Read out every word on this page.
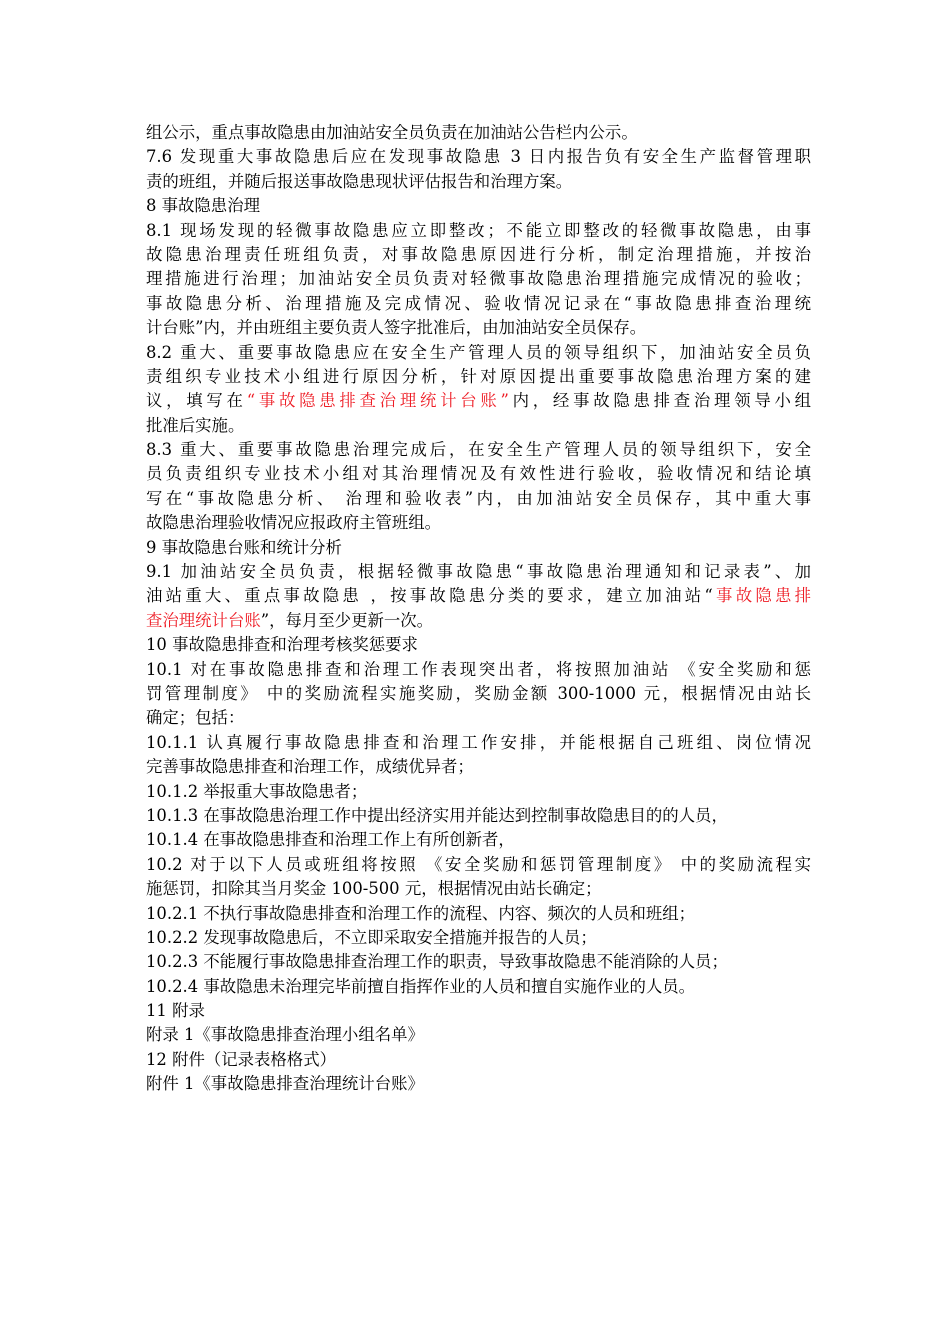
组公示，重点事故隐患由加油站安全员负责在加油站公告栏内公示。
7.6 发现重大事故隐患后应在发现事故隐患 3 日内报告负有安全生产监督管理职
责的班组，并随后报送事故隐患现状评估报告和治理方案。
8 事故隐患治理
8.1 现场发现的轻微事故隐患应立即整改；不能立即整改的轻微事故隐患，由事
故隐患治理责任班组负责，对事故隐患原因进行分析，制定治理措施，并按治
理措施进行治理；加油站安全员负责对轻微事故隐患治理措施完成情况的验收；
事故隐患分析、治理措施及完成情况、验收情况记录在“事故隐患排查治理统
计台账”内，并由班组主要负责人签字批准后，由加油站安全员保存。
8.2 重大、重要事故隐患应在安全生产管理人员的领导组织下，加油站安全员负
责组织专业技术小组进行原因分析，针对原因提出重要事故隐患治理方案的建
议，填写在“事故隐患排查治理统计台账”内，经事故隐患排查治理领导小组
批准后实施。
8.3 重大、重要事故隐患治理完成后，在安全生产管理人员的领导组织下，安全
员负责组织专业技术小组对其治理情况及有效性进行验收，验收情况和结论填
写在“事故隐患分析、 治理和验收表”内，由加油站安全员保存，其中重大事
故隐患治理验收情况应报政府主管班组。
9 事故隐患台账和统计分析
9.1 加油站安全员负责，根据轻微事故隐患“事故隐患治理通知和记录表”、加
油站重大、重点事故隐患 ，按事故隐患分类的要求，建立加油站“事故隐患排
查治理统计台账”，每月至少更新一次。
10 事故隐患排查和治理考核奖惩要求
10.1 对在事故隐患排查和治理工作表现突出者，将按照加油站 《安全奖励和惩
罚管理制度》 中的奖励流程实施奖励，奖励金额 300-1000 元，根据情况由站长
确定；包括：
10.1.1 认真履行事故隐患排查和治理工作安排，并能根据自己班组、岗位情况
完善事故隐患排查和治理工作，成绩优异者；
10.1.2 举报重大事故隐患者；
10.1.3 在事故隐患治理工作中提出经济实用并能达到控制事故隐患目的的人员，
10.1.4 在事故隐患排查和治理工作上有所创新者，
10.2 对于以下人员或班组将按照 《安全奖励和惩罚管理制度》 中的奖励流程实
施惩罚，扣除其当月奖金 100-500 元，根据情况由站长确定；
10.2.1 不执行事故隐患排查和治理工作的流程、内容、频次的人员和班组；
10.2.2 发现事故隐患后，不立即采取安全措施并报告的人员；
10.2.3 不能履行事故隐患排查治理工作的职责，导致事故隐患不能消除的人员；
10.2.4 事故隐患未治理完毕前擅自指挥作业的人员和擅自实施作业的人员。
11 附录
附录 1《事故隐患排查治理小组名单》
12 附件（记录表格格式）
附件 1《事故隐患排查治理统计台账》
